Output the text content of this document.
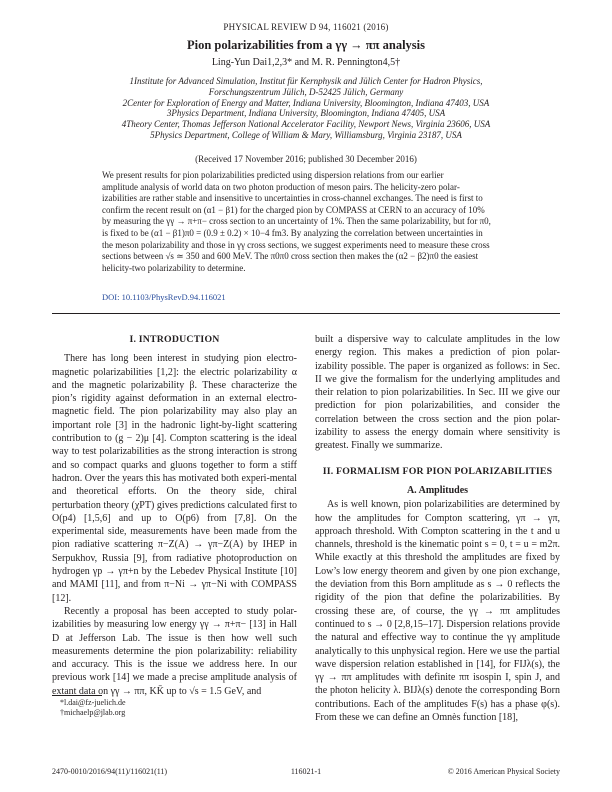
PHYSICAL REVIEW D 94, 116021 (2016)
Pion polarizabilities from a γγ → ππ analysis
Ling-Yun Dai1,2,3* and M. R. Pennington4,5†
1Institute for Advanced Simulation, Institut für Kernphysik and Jülich Center for Hadron Physics,
Forschungszentrum Jülich, D-52425 Jülich, Germany
2Center for Exploration of Energy and Matter, Indiana University, Bloomington, Indiana 47403, USA
3Physics Department, Indiana University, Bloomington, Indiana 47405, USA
4Theory Center, Thomas Jefferson National Accelerator Facility, Newport News, Virginia 23606, USA
5Physics Department, College of William & Mary, Williamsburg, Virginia 23187, USA
(Received 17 November 2016; published 30 December 2016)
We present results for pion polarizabilities predicted using dispersion relations from our earlier
amplitude analysis of world data on two photon production of meson pairs. The helicity-zero polar-
izabilities are rather stable and insensitive to uncertainties in cross-channel exchanges. The need is first to
confirm the recent result on (α1 − β1) for the charged pion by COMPASS at CERN to an accuracy of 10%
by measuring the γγ → π+π− cross section to an uncertainty of 1%. Then the same polarizability, but for π0,
is fixed to be (α1 − β1)π0 = (0.9 ± 0.2) × 10−4 fm3. By analyzing the correlation between uncertainties in
the meson polarizability and those in γγ cross sections, we suggest experiments need to measure these cross
sections between √s ≃ 350 and 600 MeV. The π0π0 cross section then makes the (α2 − β2)π0 the easiest
helicity-two polarizability to determine.
DOI: 10.1103/PhysRevD.94.116021
I. INTRODUCTION

There has long been interest in studying pion electro-magnetic polarizabilities [1,2]: the electric polarizability α and the magnetic polarizability β. These characterize the pion’s rigidity against deformation in an external electro-magnetic field. The pion polarizability may also play an important role [3] in the hadronic light-by-light scattering contribution to (g − 2)μ [4]. Compton scattering is the ideal way to test polarizabilities as the strong interaction is strong and so compact quarks and gluons together to form a stiff hadron. Over the years this has motivated both experi-mental and theoretical efforts. On the theory side, chiral perturbation theory (χPT) gives predictions calculated first to O(p4) [1,5,6] and up to O(p6) from [7,8]. On the experimental side, measurements have been made from the pion radiative scattering π−Z(A) → γπ−Z(A) by IHEP in Serpukhov, Russia [9], from radiative photoproduction on hydrogen γp → γπ+n by the Lebedev Physical Institute [10] and MAMI [11], and from π−Ni → γπ−Ni with COMPASS [12].

Recently a proposal has been accepted to study polar-izabilities by measuring low energy γγ → π+π− [13] in Hall D at Jefferson Lab. The issue is then how well such measurements determine the pion polarizability: reliability and accuracy. This is the issue we address here. In our previous work [14] we made a precise amplitude analysis of extant data on γγ → ππ, KK̄ up to √s = 1.5 GeV, and

built a dispersive way to calculate amplitudes in the low energy region. This makes a prediction of pion polar-izability possible. The paper is organized as follows: in Sec. II we give the formalism for the underlying amplitudes and their relation to pion polarizabilities. In Sec. III we give our prediction for pion polarizabilities, and consider the correlation between the cross section and the pion polar-izability to assess the energy domain where sensitivity is greatest. Finally we summarize.

II. FORMALISM FOR PION POLARIZABILITIES
A. Amplitudes

As is well known, pion polarizabilities are determined by how the amplitudes for Compton scattering, γπ → γπ, approach threshold. With Compton scattering in the t and u channels, threshold is the kinematic point s = 0, t = u = m2π. While exactly at this threshold the amplitudes are fixed by Low’s low energy theorem and given by one pion exchange, the deviation from this Born amplitude as s → 0 reflects the rigidity of the pion that define the polarizabilities. By crossing these are, of course, the γγ → ππ amplitudes continued to s → 0 [2,8,15–17]. Dispersion relations provide the natural and effective way to continue the γγ amplitude analytically to this unphysical region. Here we use the partial wave dispersion relation established in [14], for FIJλ(s), the γγ → ππ amplitudes with definite ππ isospin I, spin J, and the photon helicity λ. BIJλ(s) denote the corresponding Born contributions. Each of the amplitudes F(s) has a phase φ(s). From these we can define an Omnès function [18],

*l.dai@fz-juelich.de
†michaelp@jlab.org
2470-0010/2016/94(11)/116021(11)	116021-1	© 2016 American Physical Society
